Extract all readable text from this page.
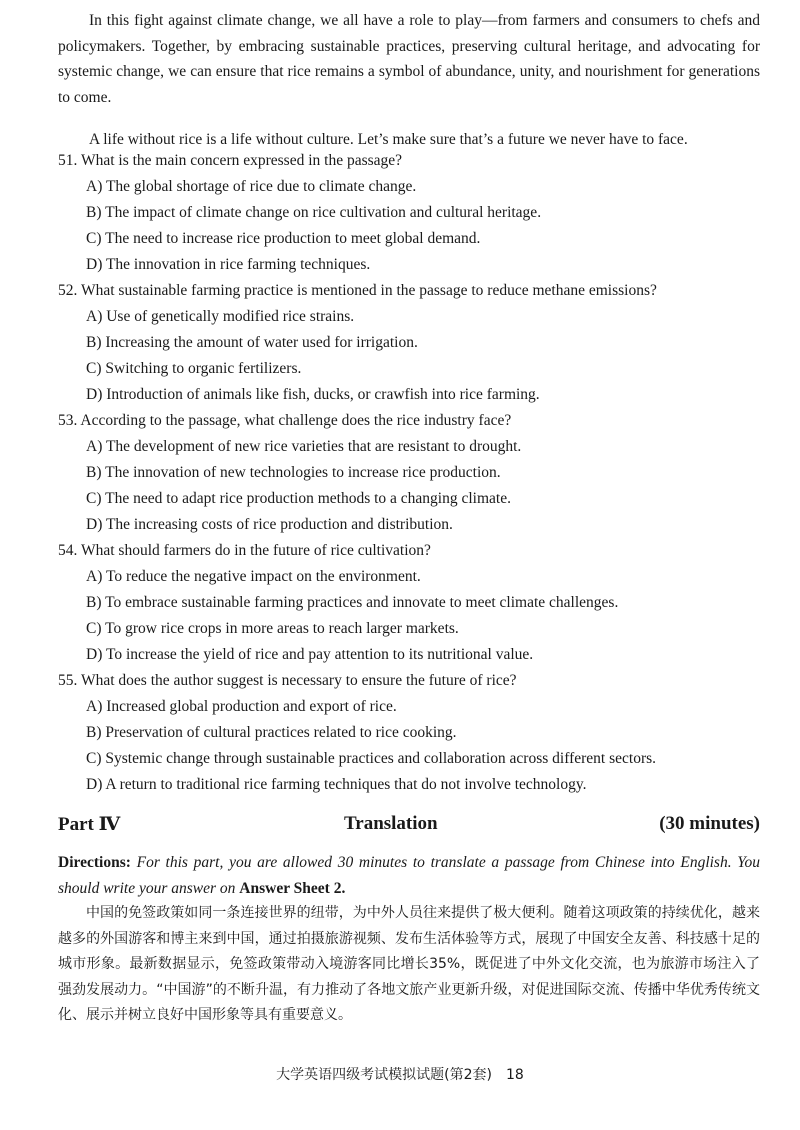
In this fight against climate change, we all have a role to play—from farmers and consumers to chefs and policymakers. Together, by embracing sustainable practices, preserving cultural heritage, and advocating for systemic change, we can ensure that rice remains a symbol of abundance, unity, and nourishment for generations to come.

A life without rice is a life without culture. Let’s make sure that’s a future we never have to face.

51. What is the main concern expressed in the passage?
A) The global shortage of rice due to climate change.
B) The impact of climate change on rice cultivation and cultural heritage.
C) The need to increase rice production to meet global demand.
D) The innovation in rice farming techniques.
52. What sustainable farming practice is mentioned in the passage to reduce methane emissions?
A) Use of genetically modified rice strains.
B) Increasing the amount of water used for irrigation.
C) Switching to organic fertilizers.
D) Introduction of animals like fish, ducks, or crawfish into rice farming.
53. According to the passage, what challenge does the rice industry face?
A) The development of new rice varieties that are resistant to drought.
B) The innovation of new technologies to increase rice production.
C) The need to adapt rice production methods to a changing climate.
D) The increasing costs of rice production and distribution.
54. What should farmers do in the future of rice cultivation?
A) To reduce the negative impact on the environment.
B) To embrace sustainable farming practices and innovate to meet climate challenges.
C) To grow rice crops in more areas to reach larger markets.
D) To increase the yield of rice and pay attention to its nutritional value.
55. What does the author suggest is necessary to ensure the future of rice?
A) Increased global production and export of rice.
B) Preservation of cultural practices related to rice cooking.
C) Systemic change through sustainable practices and collaboration across different sectors.
D) A return to traditional rice farming techniques that do not involve technology.
Part Ⅳ	Translation	(30 minutes)

Directions: For this part, you are allowed 30 minutes to translate a passage from Chinese into English. You should write your answer on Answer Sheet 2.

中国的免签政策如同一条连接世界的纽带，为中外人员往来提供了极大便利。随着这项政策的持续优化，越来越多的外国游客和博主来到中国，通过拍摄旅游视频、发布生活体验等方式，展现了中国安全友善、科技感十足的城市形象。最新数据显示，免签政策带动入境游客同比增长35%，既促进了中外文化交流，也为旅游市场注入了强劲发展动力。“中国游”的不断升温，有力推动了各地文旅产业更新升级，对促进国际交流、传播中华优秀传统文化、展示并树立良好中国形象等具有重要意义。

大学英语四级考试模拟试题(第2套)　18
